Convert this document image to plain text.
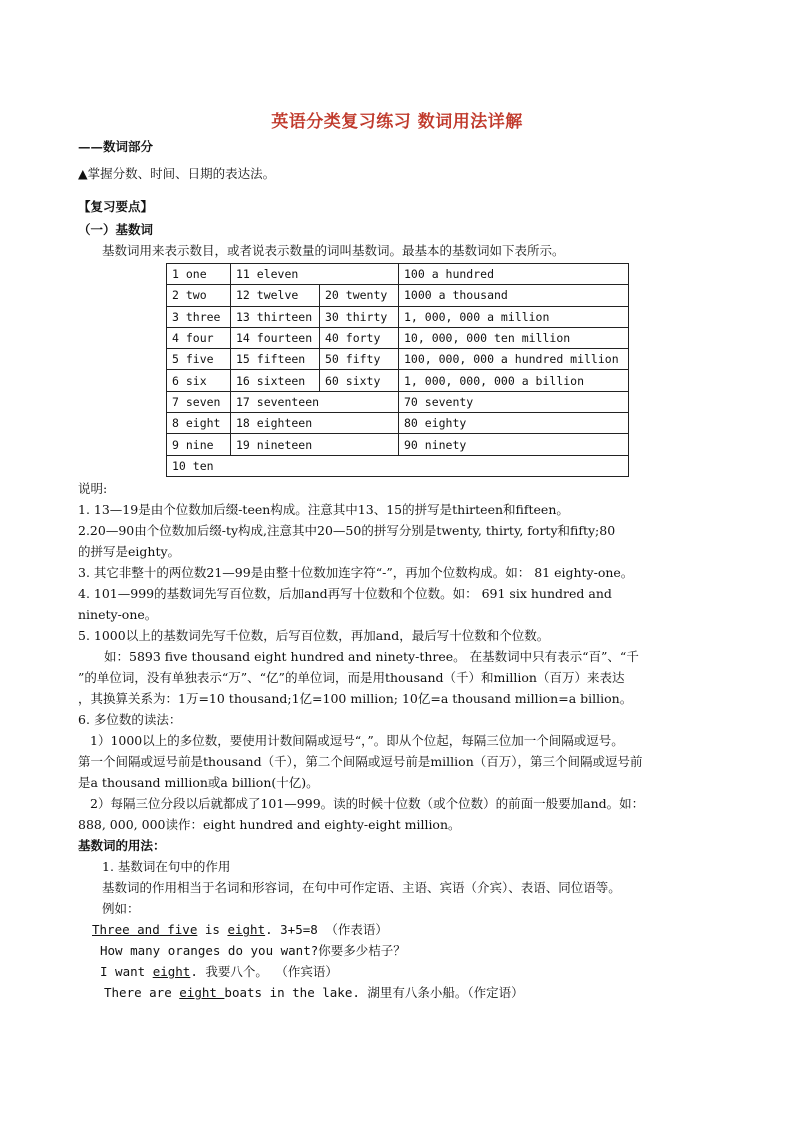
英语分类复习练习 数词用法详解
——数词部分
▲掌握分数、时间、日期的表达法。
【复习要点】
（一）基数词
基数词用来表示数目，或者说表示数量的词叫基数词。最基本的基数词如下表所示。
1 one	11 eleven		100 a hundred
2 two	12 twelve	20 twenty	1000 a thousand
3 three	13 thirteen	30 thirty	1, 000, 000 a million
4 four	14 fourteen	40 forty	10, 000, 000 ten million
5 five	15 fifteen	50 fifty	100, 000, 000 a hundred million
6 six	16 sixteen	60 sixty	1, 000, 000, 000 a billion
7 seven	17 seventeen		70 seventy
8 eight	18 eighteen		80 eighty
9 nine	19 nineteen		90 ninety
10 ten			
说明:
1. 13—19是由个位数加后缀-teen构成。注意其中13、15的拼写是thirteen和fifteen。
2.20—90由个位数加后缀-ty构成,注意其中20—50的拼写分别是twenty, thirty, forty和fifty;80
的拼写是eighty。
3. 其它非整十的两位数21—99是由整十位数加连字符“-”，再加个位数构成。如： 81 eighty-one。
4. 101—999的基数词先写百位数，后加and再写十位数和个位数。如： 691 six hundred and
ninety-one。
5. 1000以上的基数词先写千位数，后写百位数，再加and，最后写十位数和个位数。
如：5893 five thousand eight hundred and ninety-three。 在基数词中只有表示“百”、“千
”的单位词，没有单独表示“万”、“亿”的单位词，而是用thousand（千）和million（百万）来表达
，其换算关系为：1万=10 thousand;1亿=100 million; 10亿=a thousand million=a billion。
6. 多位数的读法：
1）1000以上的多位数，要使用计数间隔或逗号“，”。即从个位起，每隔三位加一个间隔或逗号。
第一个间隔或逗号前是thousand（千），第二个间隔或逗号前是million（百万），第三个间隔或逗号前
是a thousand million或a billion(十亿)。
2）每隔三位分段以后就都成了101—999。读的时候十位数（或个位数）的前面一般要加and。如：
888, 000, 000读作：eight hundred and eighty-eight million。
基数词的用法：
1. 基数词在句中的作用
基数词的作用相当于名词和形容词，在句中可作定语、主语、宾语（介宾）、表语、同位语等。
例如：
Three and five is eight. 3+5=8 （作表语）
How many oranges do you want?你要多少桔子？
I want eight. 我要八个。 （作宾语）
There are eight boats in the lake. 湖里有八条小船。（作定语）
